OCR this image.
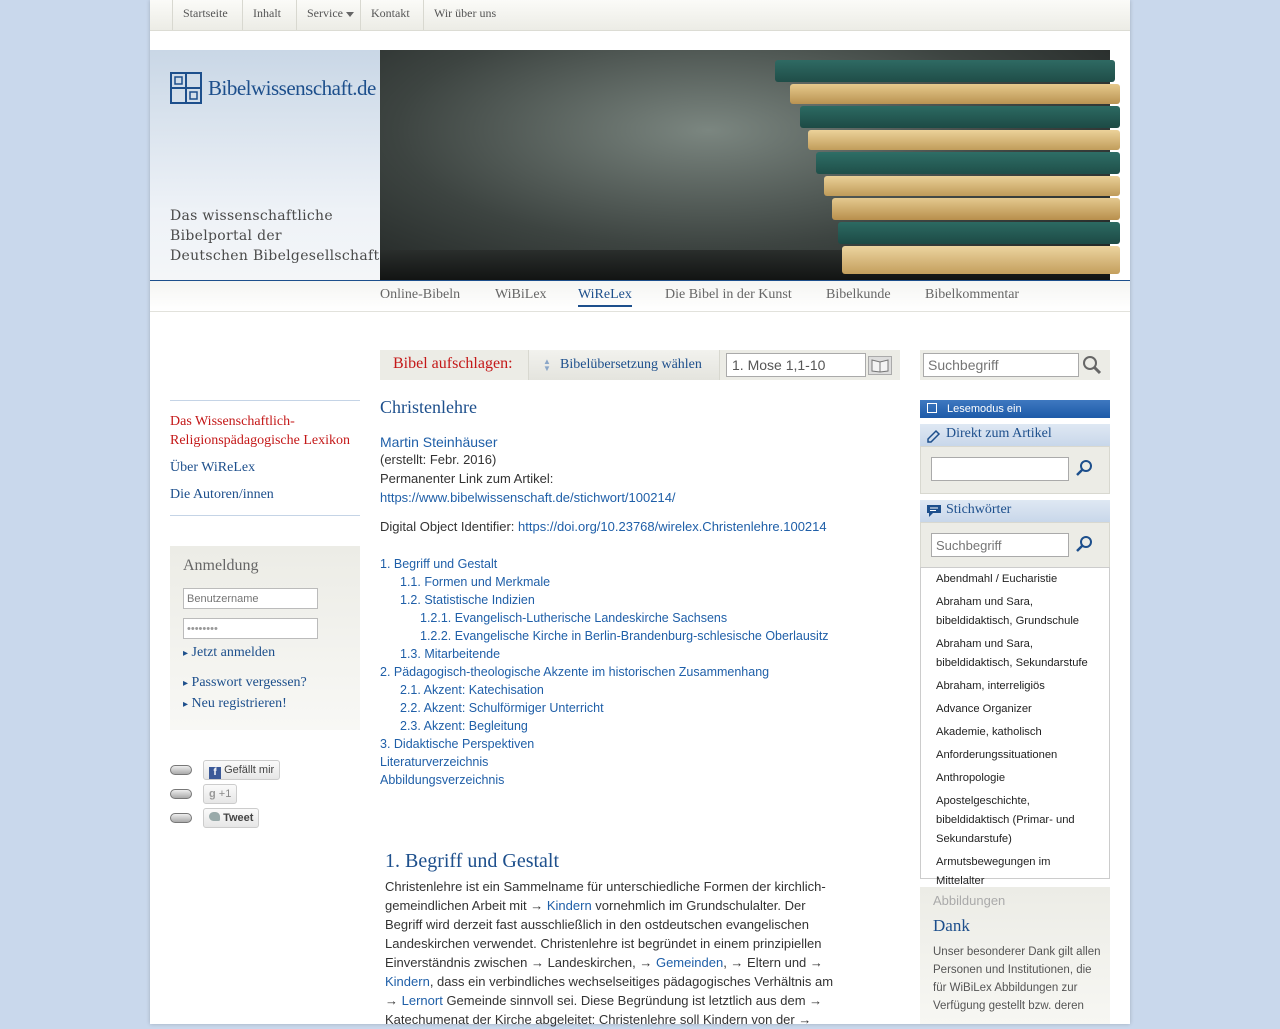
Startseite	Inhalt	Service	Kontakt	Wir über uns
Bibelwissenschaft.de
Das wissenschaftliche
Bibelportal der
Deutschen Bibelgesellschaft
Online-Bibeln WiBiLex WiReLex Die Bibel in der Kunst Bibelkunde Bibelkommentar
Das Wissenschaftlich-Religionspädagogische Lexikon
Über WiReLex
Die Autoren/innen
Anmeldung
Benutzername
••••••••
▸ Jetzt anmelden
▸ Passwort vergessen?
▸ Neu registrieren!
f Gefällt mir
g +1
Tweet
Bibel aufschlagen:	▲
▼ Bibelübersetzung wählen
1. Mose 1,1-10
Suchbegriff
Christenlehre
Martin Steinhäuser
(erstellt: Febr. 2016)
Permanenter Link zum Artikel:
https://www.bibelwissenschaft.de/stichwort/100214/
Digital Object Identifier: https://doi.org/10.23768/wirelex.Christenlehre.100214
1. Begriff und Gestalt
1.1. Formen und Merkmale
1.2. Statistische Indizien
1.2.1. Evangelisch-Lutherische Landeskirche Sachsens
1.2.2. Evangelische Kirche in Berlin-Brandenburg-schlesische Oberlausitz
1.3. Mitarbeitende
2. Pädagogisch-theologische Akzente im historischen Zusammenhang
2.1. Akzent: Katechisation
2.2. Akzent: Schulförmiger Unterricht
2.3. Akzent: Begleitung
3. Didaktische Perspektiven
Literaturverzeichnis
Abbildungsverzeichnis
1. Begriff und Gestalt

Christenlehre ist ein Sammelname für unterschiedliche Formen der kirchlich-gemeindlichen Arbeit mit → Kindern vornehmlich im Grundschulalter. Der Begriff wird derzeit fast ausschließlich in den ostdeutschen evangelischen Landeskirchen verwendet. Christenlehre ist begründet in einem prinzipiellen Einverständnis zwischen → Landeskirchen, → Gemeinden, → Eltern und → Kindern, dass ein verbindliches wechselseitiges pädagogisches Verhältnis am → Lernort Gemeinde sinnvoll sei. Diese Begründung ist letztlich aus dem → Katechumenat der Kirche abgeleitet: Christenlehre soll Kindern von der →

Lesemodus ein
Direkt zum Artikel
Stichwörter
Suchbegriff
Abendmahl / Eucharistie
Abraham und Sara, bibeldidaktisch, Grundschule
Abraham und Sara, bibeldidaktisch, Sekundarstufe
Abraham, interreligiös
Advance Organizer
Akademie, katholisch
Anforderungssituationen
Anthropologie
Apostelgeschichte, bibeldidaktisch (Primar- und Sekundarstufe)
Armutsbewegungen im Mittelalter
Abbildungen
Dank
Unser besonderer Dank gilt allen Personen und Institutionen, die für WiBiLex Abbildungen zur Verfügung gestellt bzw. deren
